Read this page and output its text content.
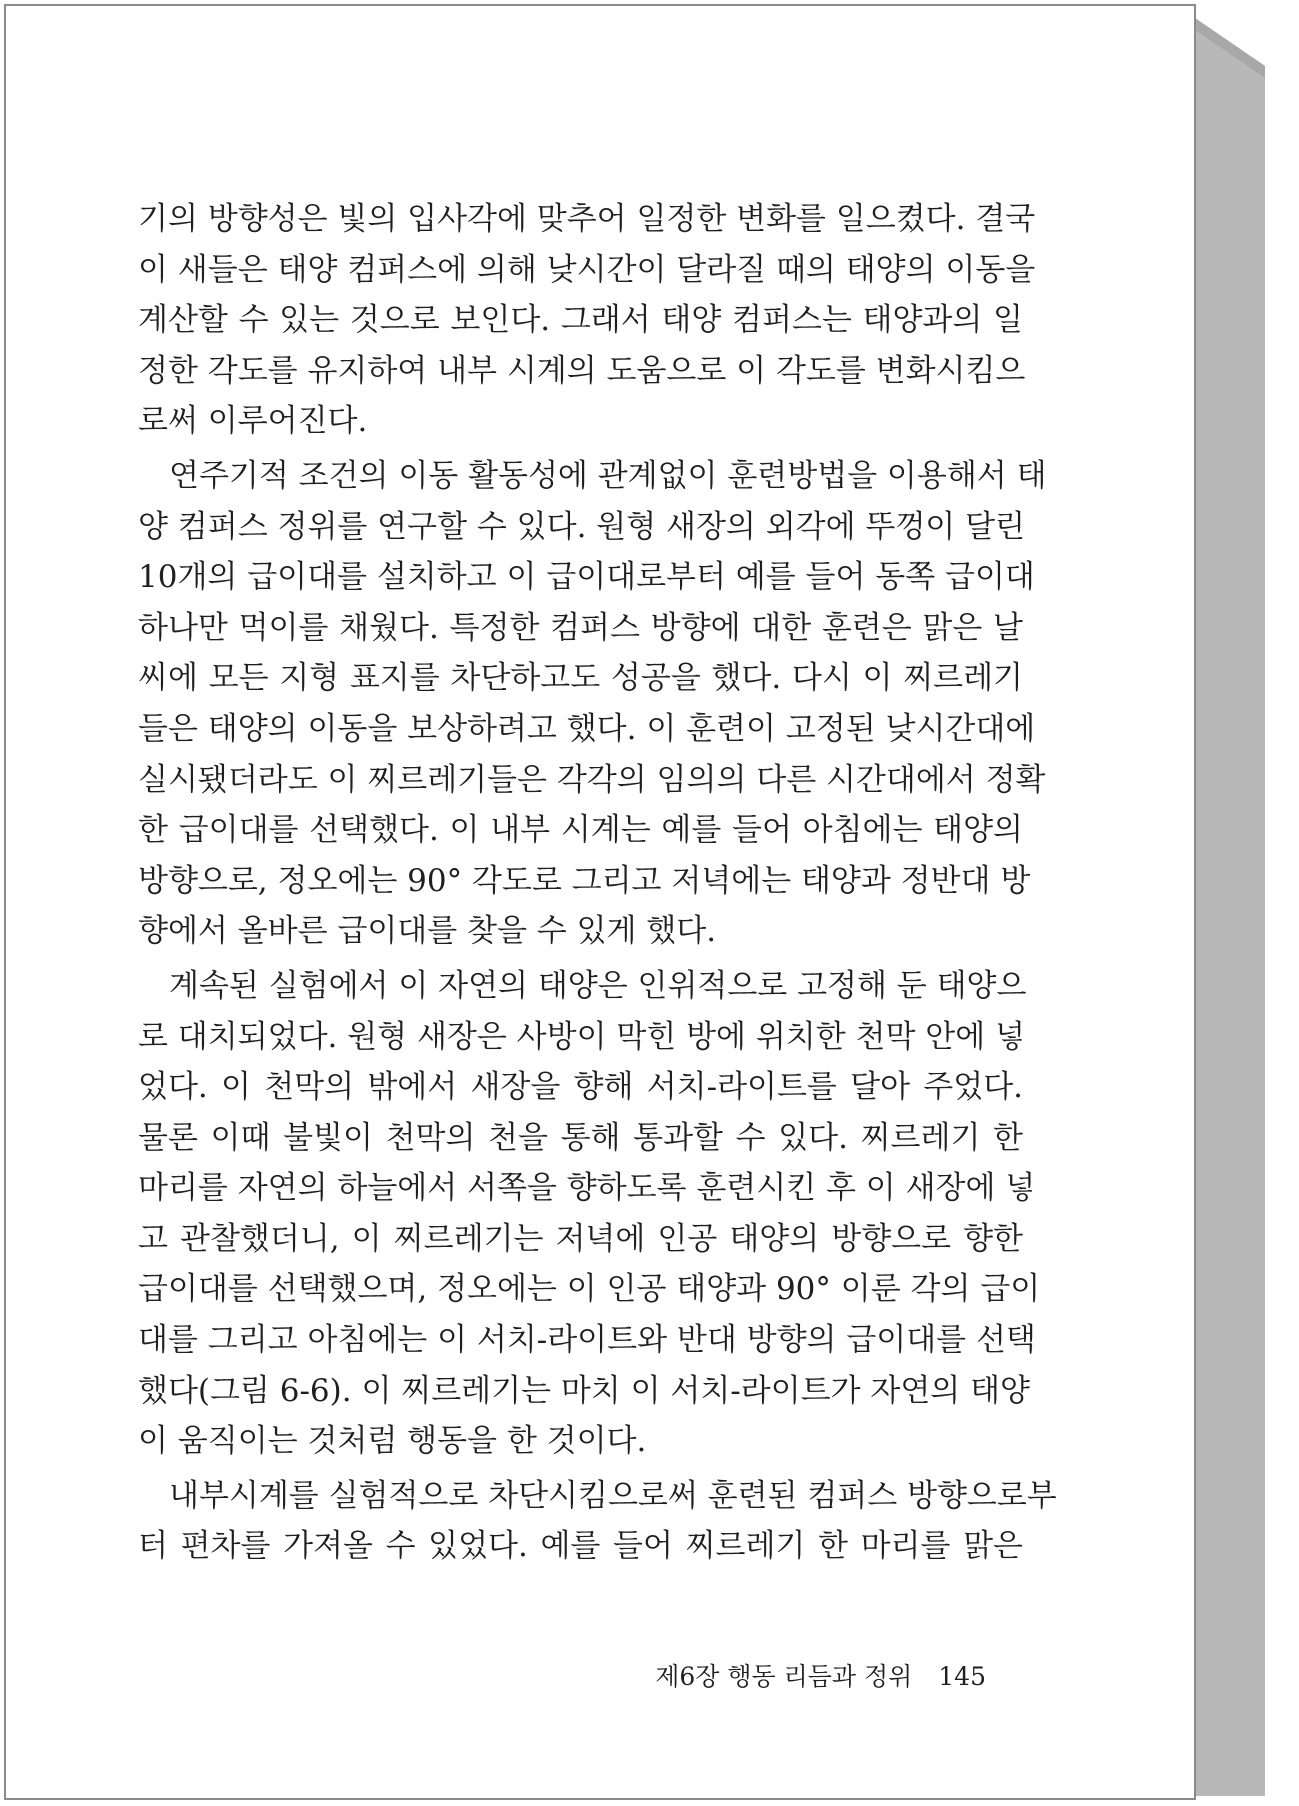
기의 방향성은 빛의 입사각에 맞추어 일정한 변화를 일으켰다. 결국
이 새들은 태양 컴퍼스에 의해 낮시간이 달라질 때의 태양의 이동을
계산할 수 있는 것으로 보인다. 그래서 태양 컴퍼스는 태양과의 일
정한 각도를 유지하여 내부 시계의 도움으로 이 각도를 변화시킴으
로써 이루어진다.
연주기적 조건의 이동 활동성에 관계없이 훈련방법을 이용해서 태
양 컴퍼스 정위를 연구할 수 있다. 원형 새장의 외각에 뚜껑이 달린
10개의 급이대를 설치하고 이 급이대로부터 예를 들어 동쪽 급이대
하나만 먹이를 채웠다. 특정한 컴퍼스 방향에 대한 훈련은 맑은 날
씨에 모든 지형 표지를 차단하고도 성공을 했다. 다시 이 찌르레기
들은 태양의 이동을 보상하려고 했다. 이 훈련이 고정된 낮시간대에
실시됐더라도 이 찌르레기들은 각각의 임의의 다른 시간대에서 정확
한 급이대를 선택했다. 이 내부 시계는 예를 들어 아침에는 태양의
방향으로, 정오에는 90° 각도로 그리고 저녁에는 태양과 정반대 방
향에서 올바른 급이대를 찾을 수 있게 했다.
계속된 실험에서 이 자연의 태양은 인위적으로 고정해 둔 태양으
로 대치되었다. 원형 새장은 사방이 막힌 방에 위치한 천막 안에 넣
었다. 이 천막의 밖에서 새장을 향해 서치-라이트를 달아 주었다.
물론 이때 불빛이 천막의 천을 통해 통과할 수 있다. 찌르레기 한
마리를 자연의 하늘에서 서쪽을 향하도록 훈련시킨 후 이 새장에 넣
고 관찰했더니, 이 찌르레기는 저녁에 인공 태양의 방향으로 향한
급이대를 선택했으며, 정오에는 이 인공 태양과 90° 이룬 각의 급이
대를 그리고 아침에는 이 서치-라이트와 반대 방향의 급이대를 선택
했다(그림 6-6). 이 찌르레기는 마치 이 서치-라이트가 자연의 태양
이 움직이는 것처럼 행동을 한 것이다.
내부시계를 실험적으로 차단시킴으로써 훈련된 컴퍼스 방향으로부
터 편차를 가져올 수 있었다. 예를 들어 찌르레기 한 마리를 맑은
제6장 행동 리듬과 정위 145
